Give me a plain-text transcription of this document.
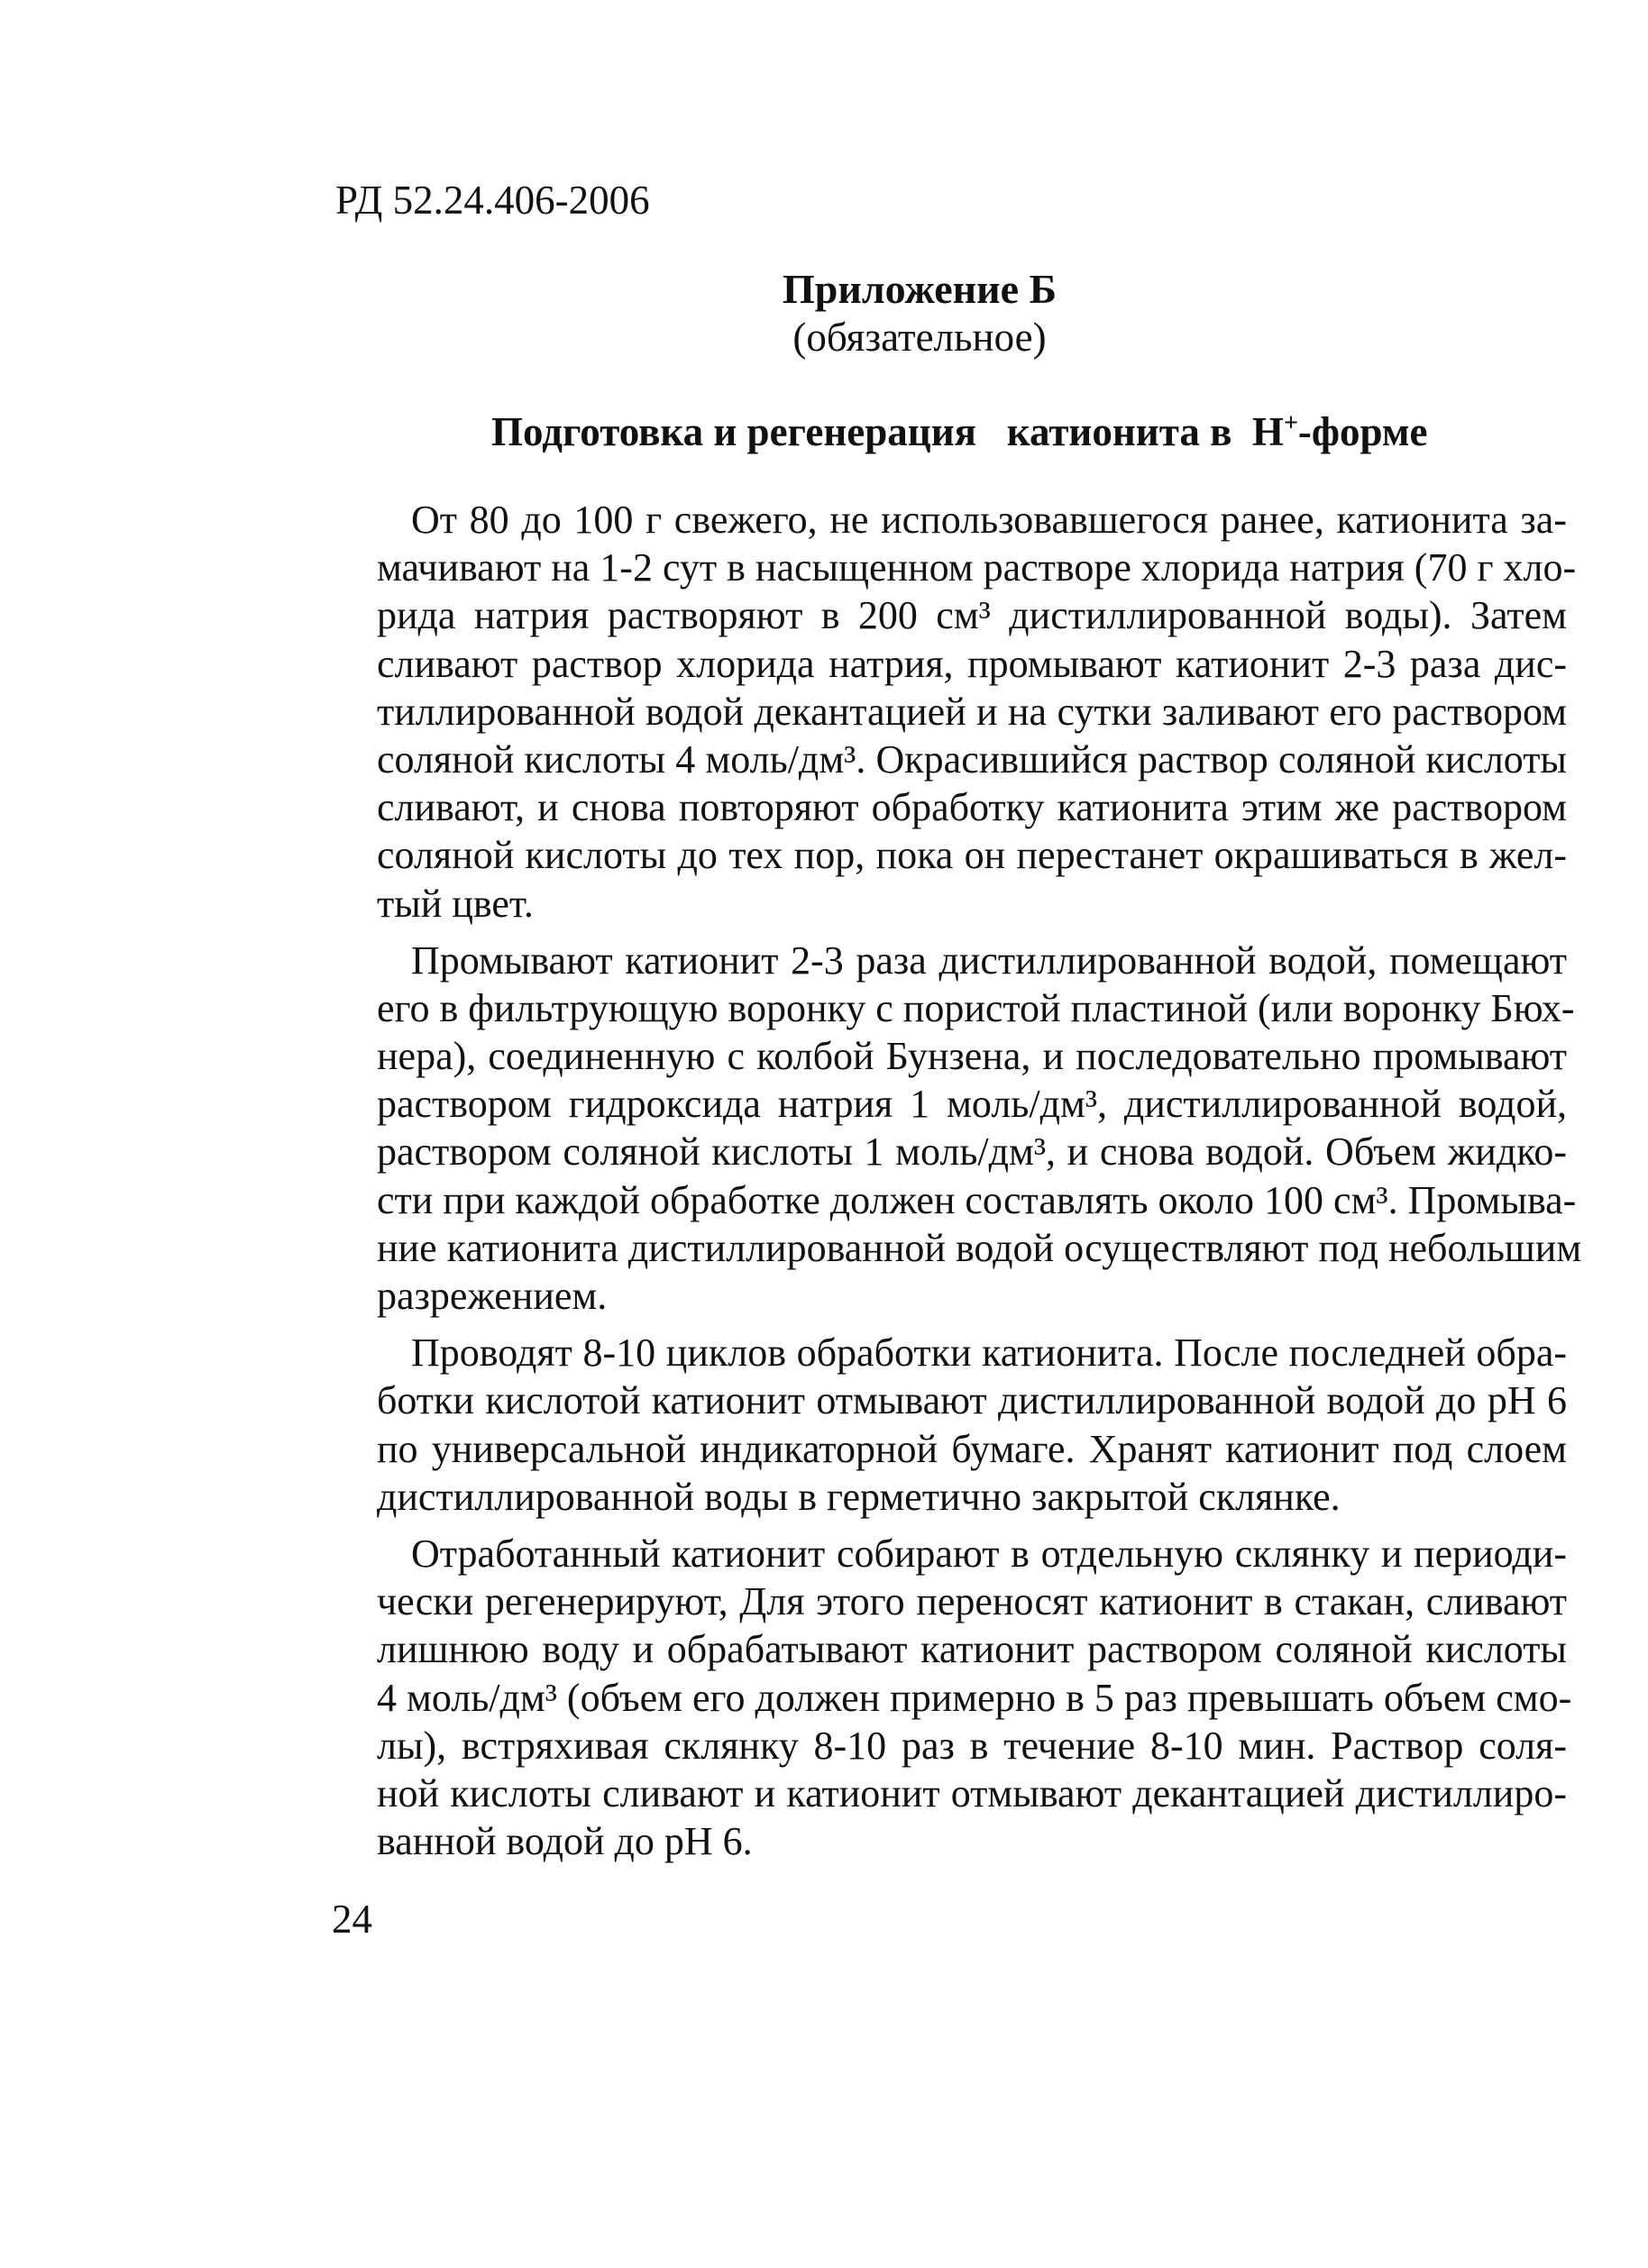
РД 52.24.406-2006
Приложение Б
(обязательное)
Подготовка и регенерация   катионита в  Н+-форме
От 80 до 100 г свежего, не использовавшегося ранее, катионита за-
мачивают на 1-2 сут в насыщенном растворе хлорида натрия (70 г хло-
рида натрия растворяют в 200 см³ дистиллированной воды). Затем
сливают раствор хлорида натрия, промывают катионит 2-3 раза дис-
тиллированной водой декантацией и на сутки заливают его раствором
соляной кислоты 4 моль/дм³. Окрасившийся раствор соляной кислоты
сливают, и снова повторяют обработку катионита этим же раствором
соляной кислоты до тех пор, пока он перестанет окрашиваться в жел-
тый цвет.
Промывают катионит 2-3 раза дистиллированной водой, помещают
его в фильтрующую воронку с пористой пластиной (или воронку Бюх-
нера), соединенную с колбой Бунзена, и последовательно промывают
раствором гидроксида натрия 1 моль/дм³, дистиллированной водой,
раствором соляной кислоты 1 моль/дм³, и снова водой. Объем жидко-
сти при каждой обработке должен составлять около 100 см³. Промыва-
ние катионита дистиллированной водой осуществляют под небольшим
разрежением.
Проводят 8-10 циклов обработки катионита. После последней обра-
ботки кислотой катионит отмывают дистиллированной водой до pH 6
по универсальной индикаторной бумаге. Хранят катионит под слоем
дистиллированной воды в герметично закрытой склянке.
Отработанный катионит собирают в отдельную склянку и периоди-
чески регенерируют, Для этого переносят катионит в стакан, сливают
лишнюю воду и обрабатывают катионит раствором соляной кислоты
4 моль/дм³ (объем его должен примерно в 5 раз превышать объем смо-
лы), встряхивая склянку 8-10 раз в течение 8-10 мин. Раствор соля-
ной кислоты сливают и катионит отмывают декантацией дистиллиро-
ванной водой до pH 6.
24
